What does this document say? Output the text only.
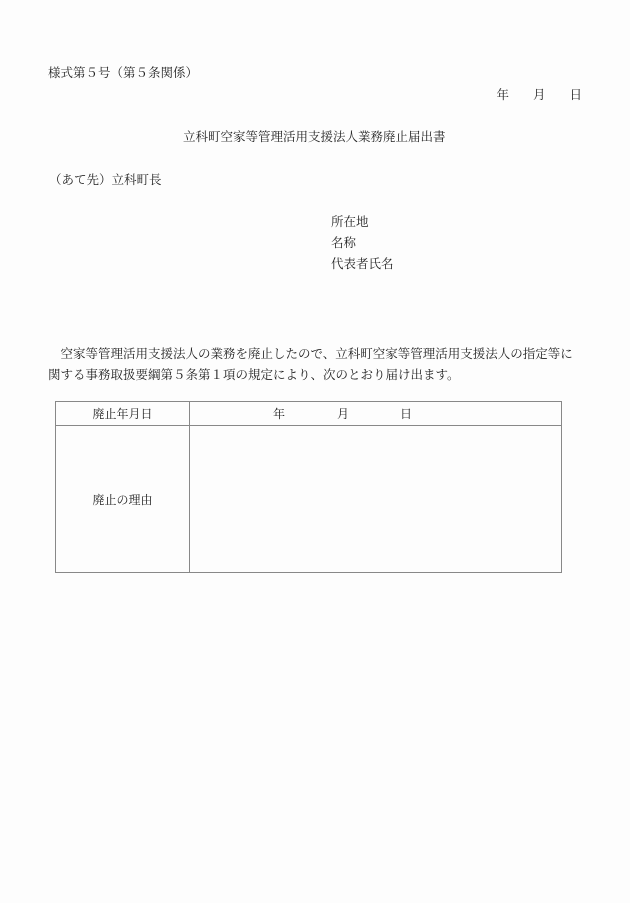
様式第５号（第５条関係）
年 月 日
立科町空家等管理活用支援法人業務廃止届出書
（あて先）立科町長
所在地
名称
代表者氏名

　空家等管理活用支援法人の業務を廃止したので、立科町空家等管理活用支援法人の指定等に

関する事務取扱要綱第５条第１項の規定により、次のとおり届け出ます。

廃止年月日	年 月 日
廃止の理由	
